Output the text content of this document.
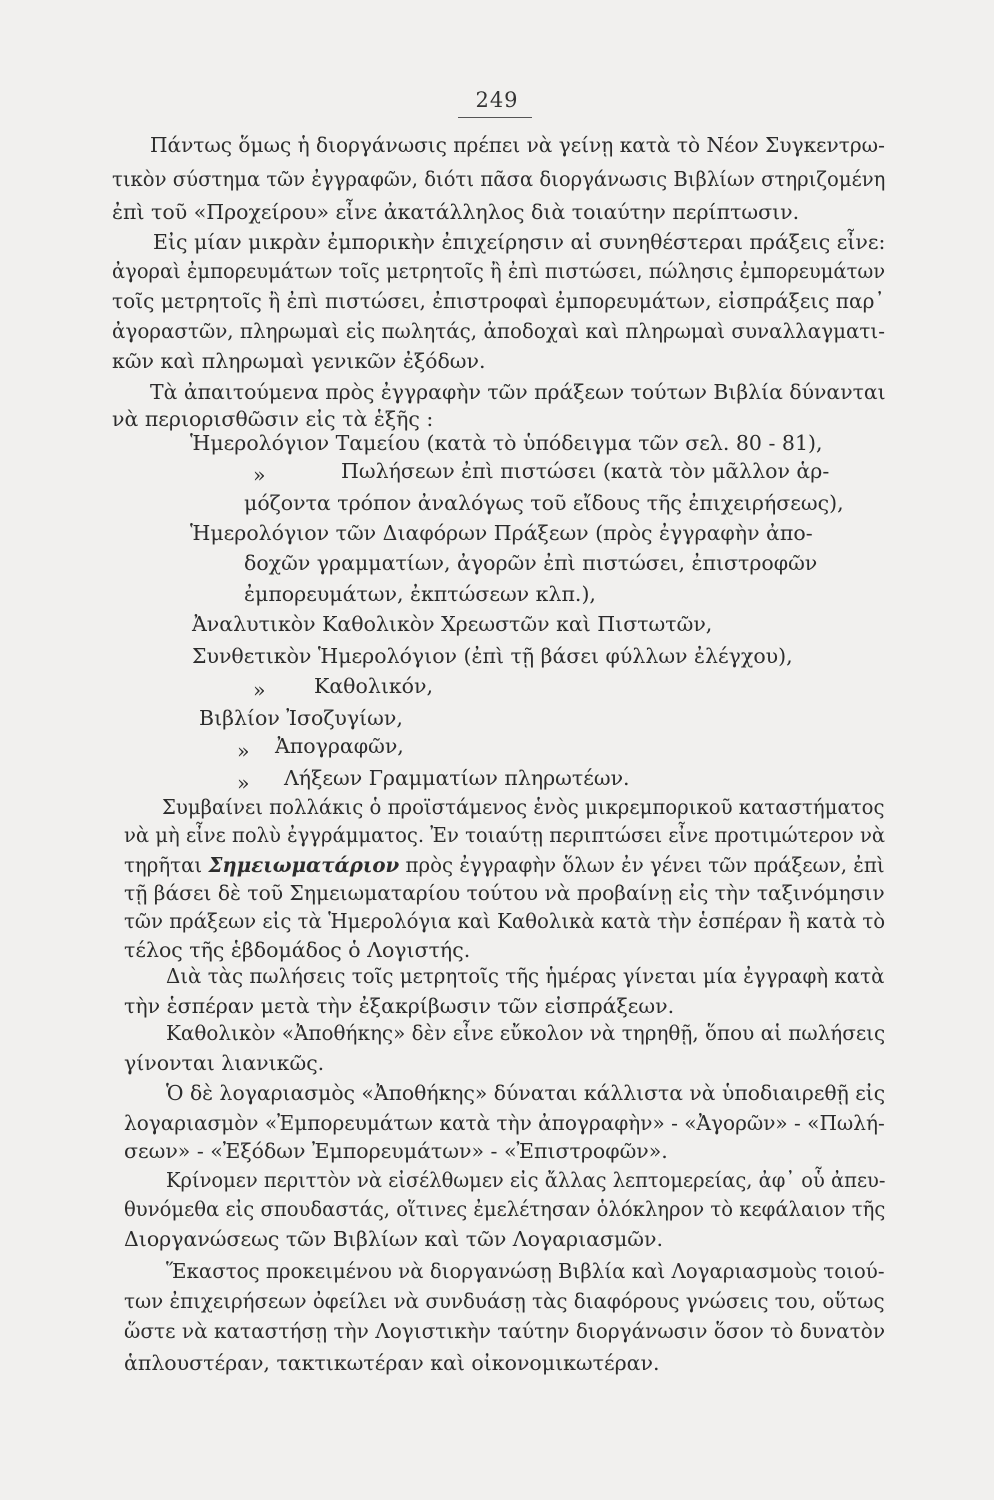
249
Πάντως ὅμως ἡ διοργάνωσις πρέπει νὰ γείνῃ κατὰ τὸ Νέον Συγκεντρω-
τικὸν σύστημα τῶν ἐγγραφῶν, διότι πᾶσα διοργάνωσις Βιβλίων στηριζομένη
ἐπὶ τοῦ «Προχείρου» εἶνε ἀκατάλληλος διὰ τοιαύτην περίπτωσιν.
Εἰς μίαν μικρὰν ἐμπορικὴν ἐπιχείρησιν αἱ συνηθέστεραι πράξεις εἶνε:
ἀγοραὶ ἐμπορευμάτων τοῖς μετρητοῖς ἢ ἐπὶ πιστώσει, πώλησις ἐμπορευμάτων
τοῖς μετρητοῖς ἢ ἐπὶ πιστώσει, ἐπιστροφαὶ ἐμπορευμάτων, εἰσπράξεις παρ᾽
ἀγοραστῶν, πληρωμαὶ εἰς πωλητάς, ἀποδοχαὶ καὶ πληρωμαὶ συναλλαγματι-
κῶν καὶ πληρωμαὶ γενικῶν ἐξόδων.
Τὰ ἀπαιτούμενα πρὸς ἐγγραφὴν τῶν πράξεων τούτων Βιβλία δύνανται
νὰ περιορισθῶσιν εἰς τὰ ἑξῆς :
Ἡμερολόγιον Ταμείου (κατὰ τὸ ὑπόδειγμα τῶν σελ. 80 - 81),
»	Πωλήσεων ἐπὶ πιστώσει (κατὰ τὸν μᾶλλον ἁρ-
μόζοντα τρόπον ἀναλόγως τοῦ εἴδους τῆς ἐπιχειρήσεως),
Ἡμερολόγιον τῶν Διαφόρων Πράξεων (πρὸς ἐγγραφὴν ἀπο-
δοχῶν γραμματίων, ἀγορῶν ἐπὶ πιστώσει, ἐπιστροφῶν
ἐμπορευμάτων, ἐκπτώσεων κλπ.),
Ἀναλυτικὸν Καθολικὸν Χρεωστῶν καὶ Πιστωτῶν,
Συνθετικὸν Ἡμερολόγιον (ἐπὶ τῇ βάσει φύλλων ἐλέγχου),
» Καθολικόν,
Βιβλίον Ἰσοζυγίων,
» Ἀπογραφῶν,
» Λήξεων Γραμματίων πληρωτέων.
Συμβαίνει πολλάκις ὁ προϊστάμενος ἑνὸς μικρεμπορικοῦ καταστήματος
νὰ μὴ εἶνε πολὺ ἐγγράμματος. Ἐν τοιαύτῃ περιπτώσει εἶνε προτιμώτερον νὰ
τηρῆται Σημειωματάριον πρὸς ἐγγραφὴν ὅλων ἐν γένει τῶν πράξεων, ἐπὶ
τῇ βάσει δὲ τοῦ Σημειωματαρίου τούτου νὰ προβαίνῃ εἰς τὴν ταξινόμησιν
τῶν πράξεων εἰς τὰ Ἡμερολόγια καὶ Καθολικὰ κατὰ τὴν ἑσπέραν ἢ κατὰ τὸ
τέλος τῆς ἑβδομάδος ὁ Λογιστής.
Διὰ τὰς πωλήσεις τοῖς μετρητοῖς τῆς ἡμέρας γίνεται μία ἐγγραφὴ κατὰ
τὴν ἑσπέραν μετὰ τὴν ἐξακρίβωσιν τῶν εἰσπράξεων.
Καθολικὸν «Ἀποθήκης» δὲν εἶνε εὔκολον νὰ τηρηθῇ, ὅπου αἱ πωλήσεις
γίνονται λιανικῶς.
Ὁ δὲ λογαριασμὸς «Ἀποθήκης» δύναται κάλλιστα νὰ ὑποδιαιρεθῇ εἰς
λογαριασμὸν «Ἐμπορευμάτων κατὰ τὴν ἀπογραφὴν» - «Ἀγορῶν» - «Πωλή-
σεων» - «Ἐξόδων Ἐμπορευμάτων» - «Ἐπιστροφῶν».
Κρίνομεν περιττὸν νὰ εἰσέλθωμεν εἰς ἄλλας λεπτομερείας, ἀφ᾽ οὗ ἀπευ-
θυνόμεθα εἰς σπουδαστάς, οἵτινες ἐμελέτησαν ὁλόκληρον τὸ κεφάλαιον τῆς
Διοργανώσεως τῶν Βιβλίων καὶ τῶν Λογαριασμῶν.
Ἕκαστος προκειμένου νὰ διοργανώσῃ Βιβλία καὶ Λογαριασμοὺς τοιού-
των ἐπιχειρήσεων ὀφείλει νὰ συνδυάσῃ τὰς διαφόρους γνώσεις του, οὕτως
ὥστε νὰ καταστήσῃ τὴν Λογιστικὴν ταύτην διοργάνωσιν ὅσον τὸ δυνατὸν
ἁπλουστέραν, τακτικωτέραν καὶ οἰκονομικωτέραν.
